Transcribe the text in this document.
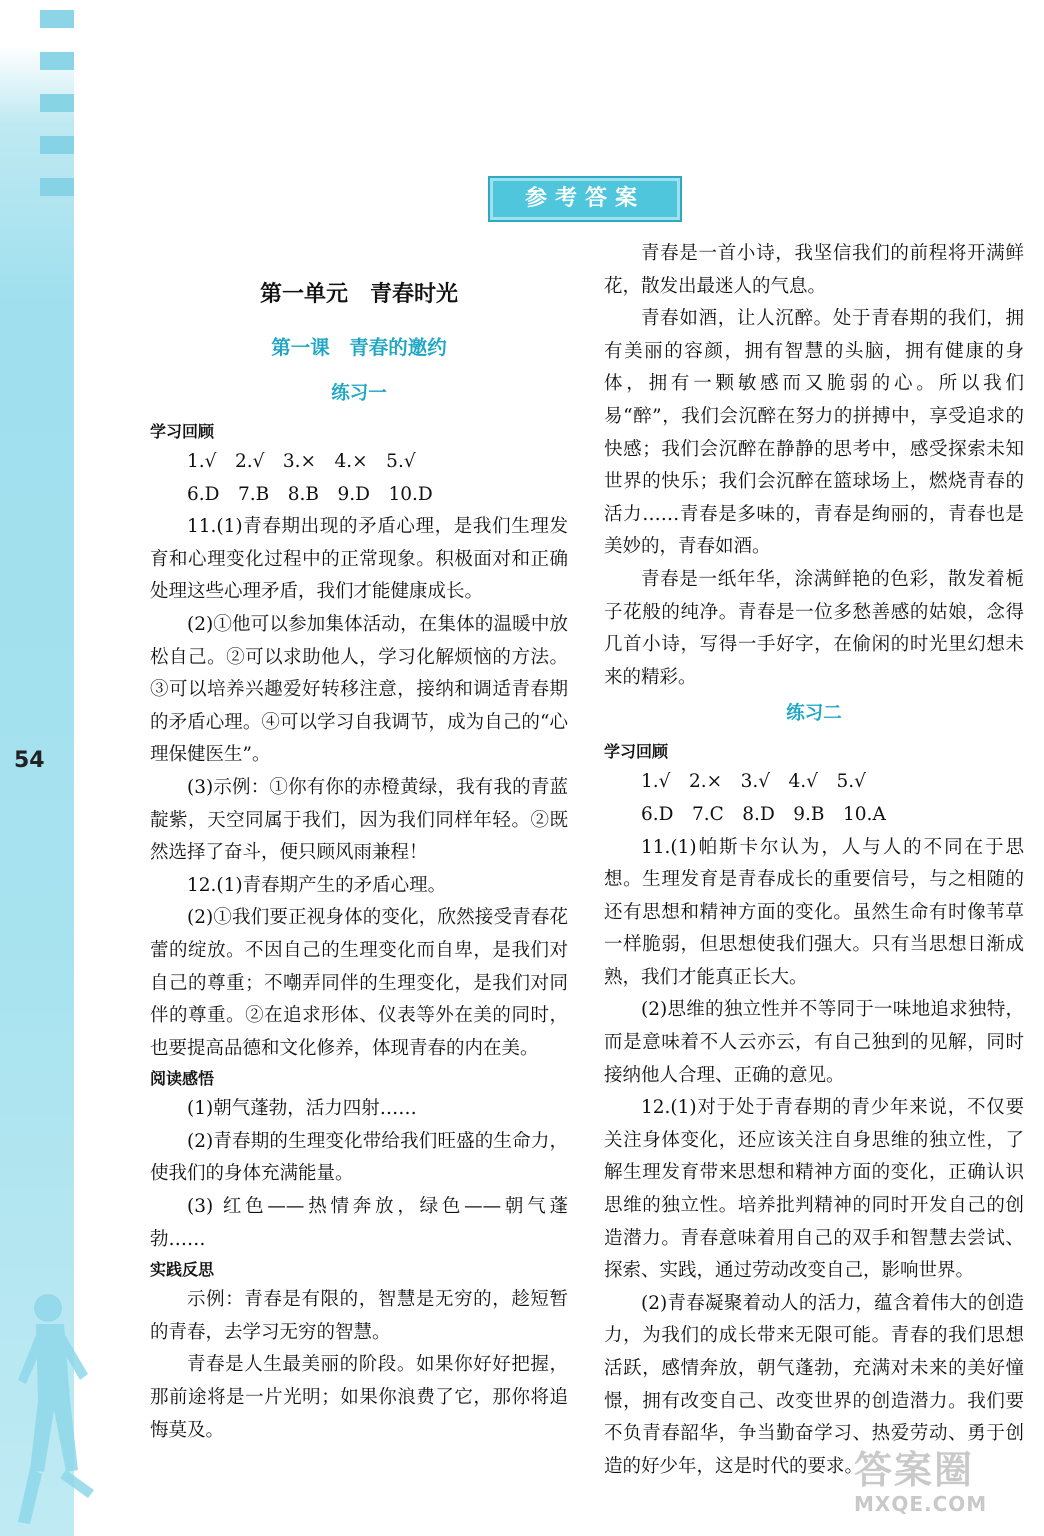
54
参考答案
第一单元　青春时光
第一课　青春的邀约
练习一
学习回顾

1.√　2.√　3.×　4.×　5.√

6.D　7.B　8.B　9.D　10.D

11.(1)青春期出现的矛盾心理，是我们生理发育和心理变化过程中的正常现象。积极面对和正确处理这些心理矛盾，我们才能健康成长。

(2)①他可以参加集体活动，在集体的温暖中放松自己。②可以求助他人，学习化解烦恼的方法。③可以培养兴趣爱好转移注意，接纳和调适青春期的矛盾心理。④可以学习自我调节，成为自己的“心理保健医生”。

(3)示例：①你有你的赤橙黄绿，我有我的青蓝靛紫，天空同属于我们，因为我们同样年轻。②既然选择了奋斗，便只顾风雨兼程！

12.(1)青春期产生的矛盾心理。

(2)①我们要正视身体的变化，欣然接受青春花蕾的绽放。不因自己的生理变化而自卑，是我们对自己的尊重；不嘲弄同伴的生理变化，是我们对同伴的尊重。②在追求形体、仪表等外在美的同时，也要提高品德和文化修养，体现青春的内在美。

阅读感悟

(1)朝气蓬勃，活力四射……

(2)青春期的生理变化带给我们旺盛的生命力，使我们的身体充满能量。

(3) 红色——热情奔放，绿色——朝气蓬勃……

实践反思

示例：青春是有限的，智慧是无穷的，趁短暂的青春，去学习无穷的智慧。

青春是人生最美丽的阶段。如果你好好把握，那前途将是一片光明；如果你浪费了它，那你将追悔莫及。

青春是一首小诗，我坚信我们的前程将开满鲜花，散发出最迷人的气息。

青春如酒，让人沉醉。处于青春期的我们，拥有美丽的容颜，拥有智慧的头脑，拥有健康的身体，拥有一颗敏感而又脆弱的心。所以我们易“醉”，我们会沉醉在努力的拼搏中，享受追求的快感；我们会沉醉在静静的思考中，感受探索未知世界的快乐；我们会沉醉在篮球场上，燃烧青春的活力……青春是多味的，青春是绚丽的，青春也是美妙的，青春如酒。

青春是一纸年华，涂满鲜艳的色彩，散发着栀子花般的纯净。青春是一位多愁善感的姑娘，念得几首小诗，写得一手好字，在偷闲的时光里幻想未来的精彩。

练习二
学习回顾

1.√　2.×　3.√　4.√　5.√

6.D　7.C　8.D　9.B　10.A

11.(1)帕斯卡尔认为，人与人的不同在于思想。生理发育是青春成长的重要信号，与之相随的还有思想和精神方面的变化。虽然生命有时像苇草一样脆弱，但思想使我们强大。只有当思想日渐成熟，我们才能真正长大。

(2)思维的独立性并不等同于一味地追求独特，而是意味着不人云亦云，有自己独到的见解，同时接纳他人合理、正确的意见。

12.(1)对于处于青春期的青少年来说，不仅要关注身体变化，还应该关注自身思维的独立性，了解生理发育带来思想和精神方面的变化，正确认识思维的独立性。培养批判精神的同时开发自己的创造潜力。青春意味着用自己的双手和智慧去尝试、探索、实践，通过劳动改变自己，影响世界。

(2)青春凝聚着动人的活力，蕴含着伟大的创造力，为我们的成长带来无限可能。青春的我们思想活跃，感情奔放，朝气蓬勃，充满对未来的美好憧憬，拥有改变自己、改变世界的创造潜力。我们要不负青春韶华，争当勤奋学习、热爱劳动、勇于创造的好少年，这是时代的要求。

答案圈
MXQE.COM
